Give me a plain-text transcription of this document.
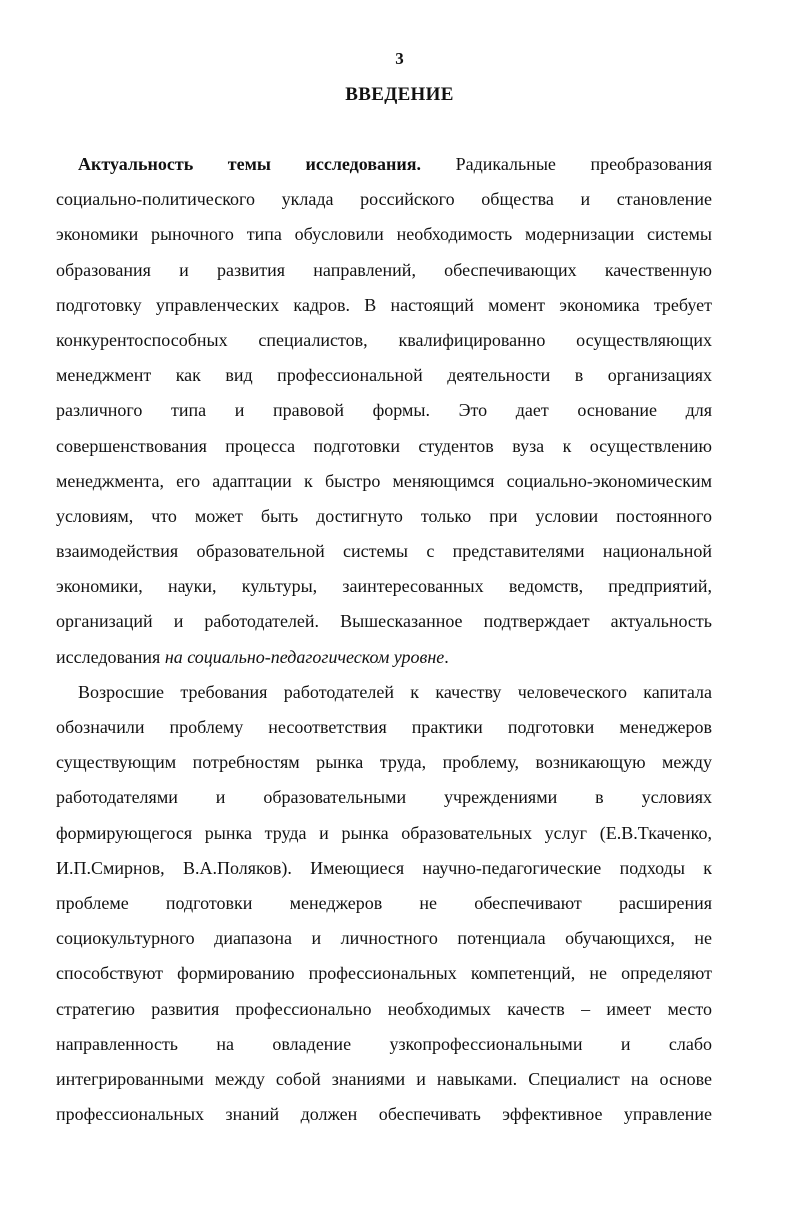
3
ВВЕДЕНИЕ
Актуальность темы исследования. Радикальные преобразования
социально-политического уклада российского общества и становление
экономики рыночного типа обусловили необходимость модернизации системы
образования и развития направлений, обеспечивающих качественную
подготовку управленческих кадров. В настоящий момент экономика требует
конкурентоспособных специалистов, квалифицированно осуществляющих
менеджмент как вид профессиональной деятельности в организациях
различного типа и правовой формы. Это дает основание для
совершенствования процесса подготовки студентов вуза к осуществлению
менеджмента, его адаптации к быстро меняющимся социально-экономическим
условиям, что может быть достигнуто только при условии постоянного
взаимодействия образовательной системы с представителями национальной
экономики, науки, культуры, заинтересованных ведомств, предприятий,
организаций и работодателей. Вышесказанное подтверждает актуальность
исследования на социально-педагогическом уровне.
Возросшие требования работодателей к качеству человеческого капитала
обозначили проблему несоответствия практики подготовки менеджеров
существующим потребностям рынка труда, проблему, возникающую между
работодателями и образовательными учреждениями в условиях
формирующегося рынка труда и рынка образовательных услуг (Е.В.Ткаченко,
И.П.Смирнов, В.А.Поляков). Имеющиеся научно-педагогические подходы к
проблеме подготовки менеджеров не обеспечивают расширения
социокультурного диапазона и личностного потенциала обучающихся, не
способствуют формированию профессиональных компетенций, не определяют
стратегию развития профессионально необходимых качеств – имеет место
направленность на овладение узкопрофессиональными и слабо
интегрированными между собой знаниями и навыками. Специалист на основе
профессиональных знаний должен обеспечивать эффективное управление
